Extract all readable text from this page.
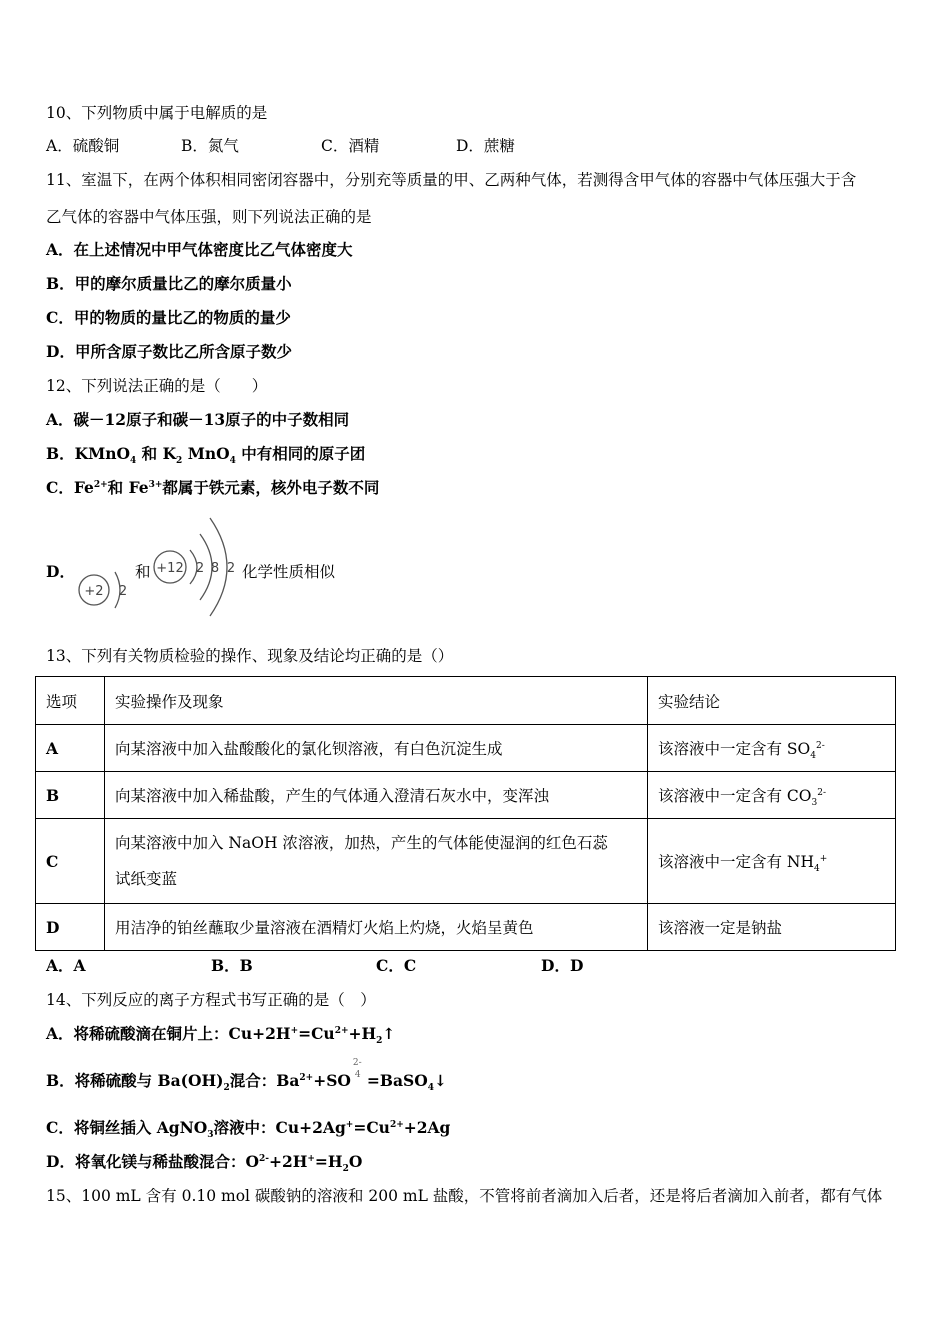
10、下列物质中属于电解质的是
A．硫酸铜	B．氮气	C．酒精	D．蔗糖
11、室温下，在两个体积相同密闭容器中，分别充等质量的甲、乙两种气体，若测得含甲气体的容器中气体压强大于含
乙气体的容器中气体压强，则下列说法正确的是
A．在上述情况中甲气体密度比乙气体密度大
B．甲的摩尔质量比乙的摩尔质量小
C．甲的物质的量比乙的物质的量少
D．甲所含原子数比乙所含原子数少
12、下列说法正确的是（　　）
A．碳－12原子和碳－13原子的中子数相同
B．KMnO$_4$ 和 $K_2$ MnO$_4$ 中有相同的原子团
C．$Fe^{2+}$和 $Fe^{3+}$都属于铁元素，核外电子数不同
D．
+2 2
和 +12 2 8 2 化学性质相似
13、下列有关物质检验的操作、现象及结论均正确的是（）
选项	实验操作及现象	实验结论
A	向某溶液中加入盐酸酸化的氯化钡溶液，有白色沉淀生成	该溶液中一定含有 $SO_4^{2-}$
B	向某溶液中加入稀盐酸，产生的气体通入澄清石灰水中，变浑浊	该溶液中一定含有 $CO_3^{2-}$
C	向某溶液中加入 NaOH 浓溶液，加热，产生的气体能使湿润的红色石蕊
试纸变蓝	该溶液中一定含有 $NH_4^+$
D	用洁净的铂丝蘸取少量溶液在酒精灯火焰上灼烧，火焰呈黄色	该溶液一定是钠盐
A．A	B．B	C．C	D．D
14、下列反应的离子方程式书写正确的是（　）
A．将稀硫酸滴在铜片上：$Cu+2H^+=Cu^{2+}+H_2↑$
B．将稀硫酸与 $Ba(OH)_2$混合：$Ba^{2+}+SO$
2-
4 =BaSO$_4$↓
C．将铜丝插入 AgNO$_3$溶液中：$Cu+2Ag^+=Cu^{2+}+2Ag$
D．将氧化镁与稀盐酸混合：$O^{2-}+2H^+=H_2O$
15、100 mL 含有 0.10 mol 碳酸钠的溶液和 200 mL 盐酸，不管将前者滴加入后者，还是将后者滴加入前者，都有气体
